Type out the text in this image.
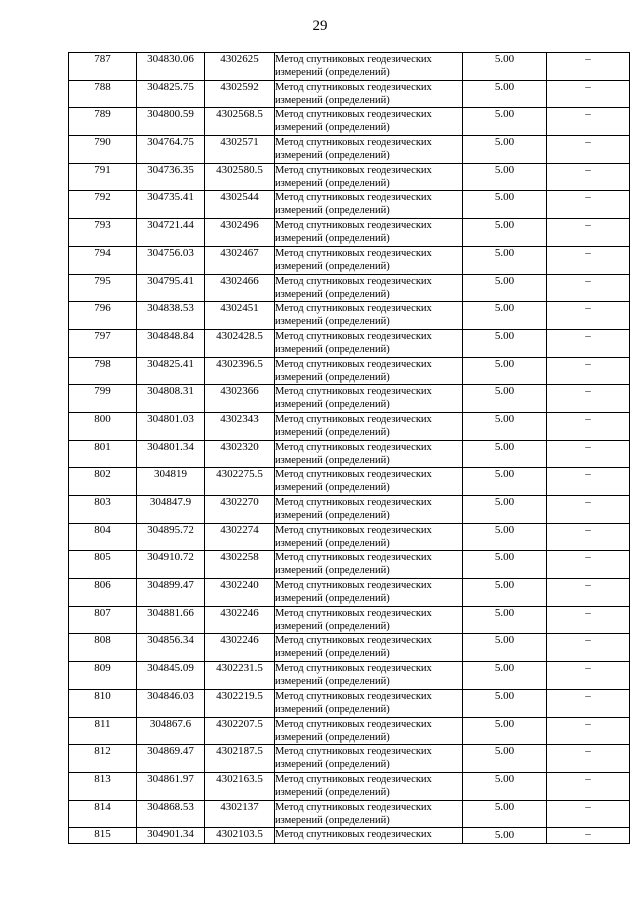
29
787	304830.06	4302625	Метод спутниковых геодезических измерений (определений)	5.00	–
788	304825.75	4302592	Метод спутниковых геодезических измерений (определений)	5.00	–
789	304800.59	4302568.5	Метод спутниковых геодезических измерений (определений)	5.00	–
790	304764.75	4302571	Метод спутниковых геодезических измерений (определений)	5.00	–
791	304736.35	4302580.5	Метод спутниковых геодезических измерений (определений)	5.00	–
792	304735.41	4302544	Метод спутниковых геодезических измерений (определений)	5.00	–
793	304721.44	4302496	Метод спутниковых геодезических измерений (определений)	5.00	–
794	304756.03	4302467	Метод спутниковых геодезических измерений (определений)	5.00	–
795	304795.41	4302466	Метод спутниковых геодезических измерений (определений)	5.00	–
796	304838.53	4302451	Метод спутниковых геодезических измерений (определений)	5.00	–
797	304848.84	4302428.5	Метод спутниковых геодезических измерений (определений)	5.00	–
798	304825.41	4302396.5	Метод спутниковых геодезических измерений (определений)	5.00	–
799	304808.31	4302366	Метод спутниковых геодезических измерений (определений)	5.00	–
800	304801.03	4302343	Метод спутниковых геодезических измерений (определений)	5.00	–
801	304801.34	4302320	Метод спутниковых геодезических измерений (определений)	5.00	–
802	304819	4302275.5	Метод спутниковых геодезических измерений (определений)	5.00	–
803	304847.9	4302270	Метод спутниковых геодезических измерений (определений)	5.00	–
804	304895.72	4302274	Метод спутниковых геодезических измерений (определений)	5.00	–
805	304910.72	4302258	Метод спутниковых геодезических измерений (определений)	5.00	–
806	304899.47	4302240	Метод спутниковых геодезических измерений (определений)	5.00	–
807	304881.66	4302246	Метод спутниковых геодезических измерений (определений)	5.00	–
808	304856.34	4302246	Метод спутниковых геодезических измерений (определений)	5.00	–
809	304845.09	4302231.5	Метод спутниковых геодезических измерений (определений)	5.00	–
810	304846.03	4302219.5	Метод спутниковых геодезических измерений (определений)	5.00	–
811	304867.6	4302207.5	Метод спутниковых геодезических измерений (определений)	5.00	–
812	304869.47	4302187.5	Метод спутниковых геодезических измерений (определений)	5.00	–
813	304861.97	4302163.5	Метод спутниковых геодезических измерений (определений)	5.00	–
814	304868.53	4302137	Метод спутниковых геодезических измерений (определений)	5.00	–
815	304901.34	4302103.5	Метод спутниковых геодезических	5.00	–
